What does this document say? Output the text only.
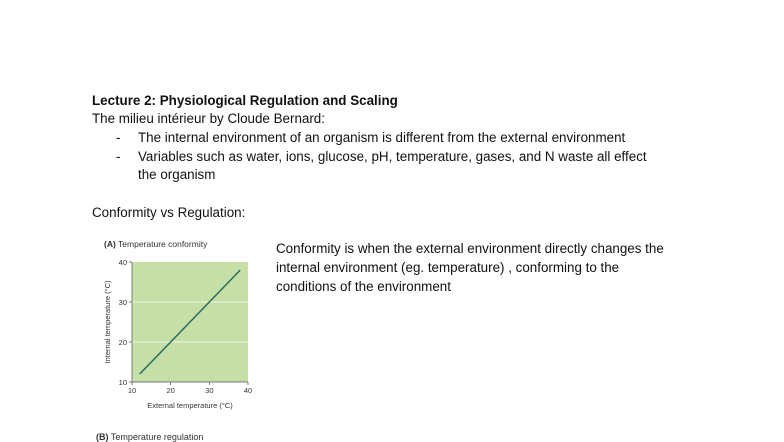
Lecture 2: Physiological Regulation and Scaling
The milieu intérieur by Cloude Bernard:
- The internal environment of an organism is different from the external environment
- Variables such as water, ions, glucose, pH, temperature, gases, and N waste all effect
the organism
Conformity vs Regulation:
Conformity is when the external environment directly changes the
internal environment (eg. temperature) , conforming to the
conditions of the environment
(A) Temperature conformity
10
20
30
40
10	20	30	40
External temperature (°C)
Internal temperature (°C)
(B) Temperature regulation
